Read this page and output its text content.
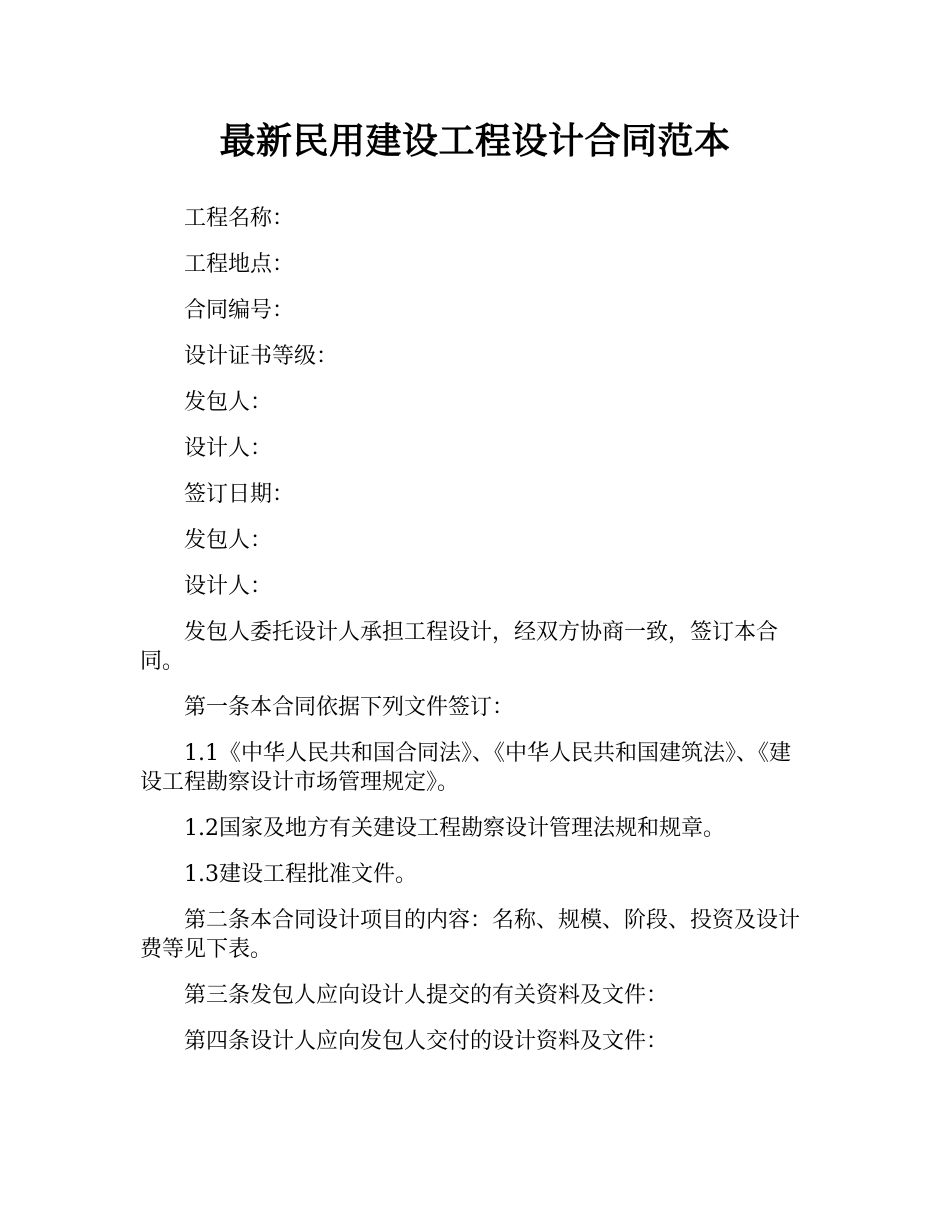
最新民用建设工程设计合同范本

工程名称：

工程地点：

合同编号：

设计证书等级：

发包人：

设计人：

签订日期：

发包人：

设计人：

发包人委托设计人承担工程设计，经双方协商一致，签订本合同。

第一条本合同依据下列文件签订：

1.1《中华人民共和国合同法》、《中华人民共和国建筑法》、《建设工程勘察设计市场管理规定》。

1.2国家及地方有关建设工程勘察设计管理法规和规章。

1.3建设工程批准文件。

第二条本合同设计项目的内容：名称、规模、阶段、投资及设计费等见下表。

第三条发包人应向设计人提交的有关资料及文件：

第四条设计人应向发包人交付的设计资料及文件：
